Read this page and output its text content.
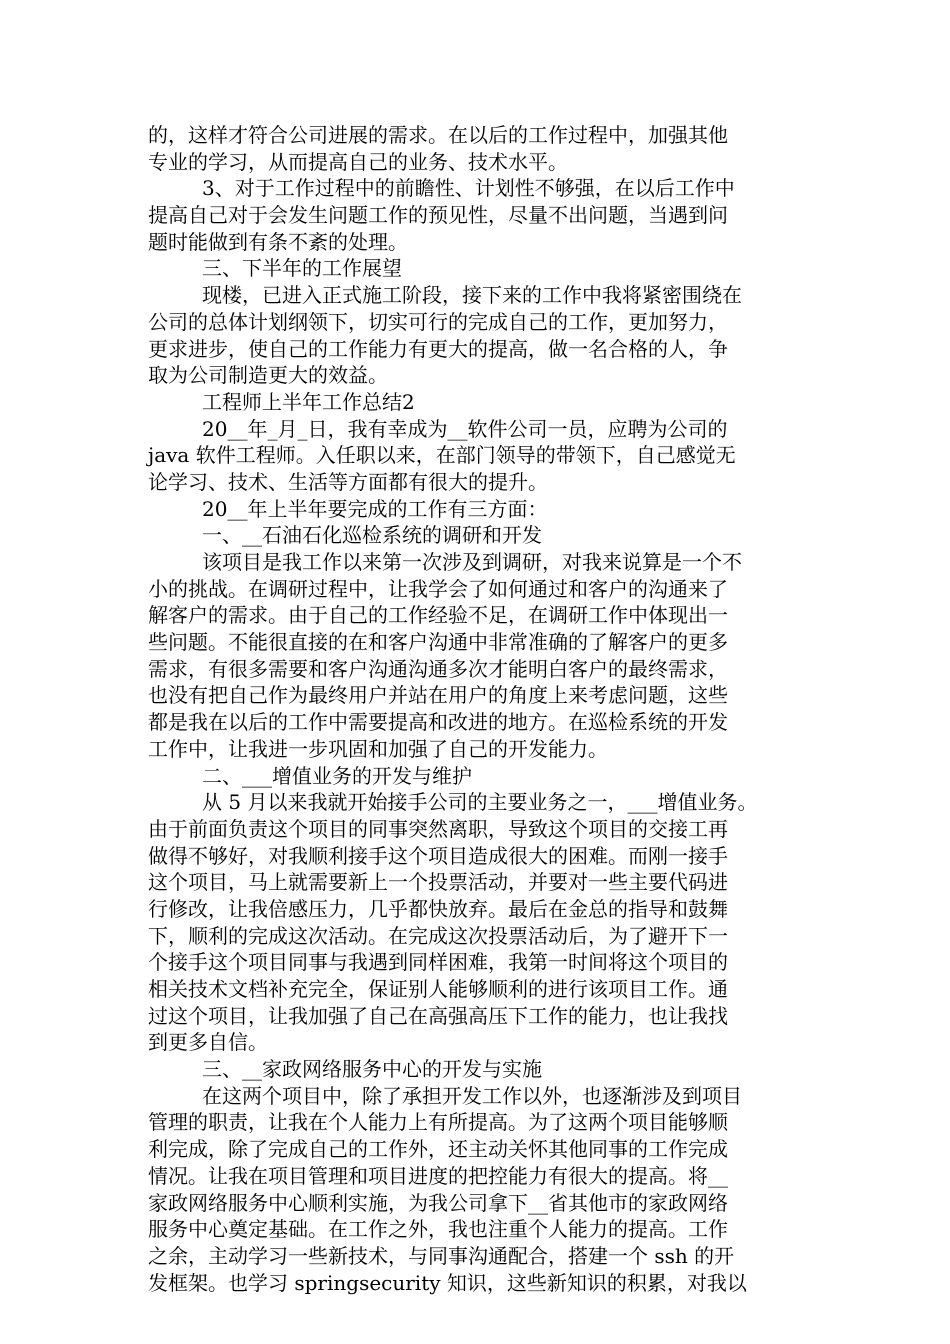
的，这样才符合公司进展的需求。在以后的工作过程中，加强其他
专业的学习，从而提高自己的业务、技术水平。
3、对于工作过程中的前瞻性、计划性不够强，在以后工作中
提高自己对于会发生问题工作的预见性，尽量不出问题，当遇到问
题时能做到有条不紊的处理。
三、下半年的工作展望
现楼，已进入正式施工阶段，接下来的工作中我将紧密围绕在
公司的总体计划纲领下，切实可行的完成自己的工作，更加努力，
更求进步，使自己的工作能力有更大的提高，做一名合格的人，争
取为公司制造更大的效益。
工程师上半年工作总结2
20__年_月_日，我有幸成为__软件公司一员，应聘为公司的
java 软件工程师。入任职以来，在部门领导的带领下，自己感觉无
论学习、技术、生活等方面都有很大的提升。
20__年上半年要完成的工作有三方面：
一、__石油石化巡检系统的调研和开发
该项目是我工作以来第一次涉及到调研，对我来说算是一个不
小的挑战。在调研过程中，让我学会了如何通过和客户的沟通来了
解客户的需求。由于自己的工作经验不足，在调研工作中体现出一
些问题。不能很直接的在和客户沟通中非常准确的了解客户的更多
需求，有很多需要和客户沟通沟通多次才能明白客户的最终需求，
也没有把自己作为最终用户并站在用户的角度上来考虑问题，这些
都是我在以后的工作中需要提高和改进的地方。在巡检系统的开发
工作中，让我进一步巩固和加强了自己的开发能力。
二、___增值业务的开发与维护
从 5 月以来我就开始接手公司的主要业务之一，___增值业务。
由于前面负责这个项目的同事突然离职，导致这个项目的交接工再
做得不够好，对我顺利接手这个项目造成很大的困难。而刚一接手
这个项目，马上就需要新上一个投票活动，并要对一些主要代码进
行修改，让我倍感压力，几乎都快放弃。最后在金总的指导和鼓舞
下，顺利的完成这次活动。在完成这次投票活动后，为了避开下一
个接手这个项目同事与我遇到同样困难，我第一时间将这个项目的
相关技术文档补充完全，保证别人能够顺利的进行该项目工作。通
过这个项目，让我加强了自己在高强高压下工作的能力，也让我找
到更多自信。
三、__家政网络服务中心的开发与实施
在这两个项目中，除了承担开发工作以外，也逐渐涉及到项目
管理的职责，让我在个人能力上有所提高。为了这两个项目能够顺
利完成，除了完成自己的工作外，还主动关怀其他同事的工作完成
情况。让我在项目管理和项目进度的把控能力有很大的提高。将__
家政网络服务中心顺利实施，为我公司拿下__省其他市的家政网络
服务中心奠定基础。在工作之外，我也注重个人能力的提高。工作
之余，主动学习一些新技术，与同事沟通配合，搭建一个 ssh 的开
发框架。也学习 springsecurity 知识，这些新知识的积累，对我以
